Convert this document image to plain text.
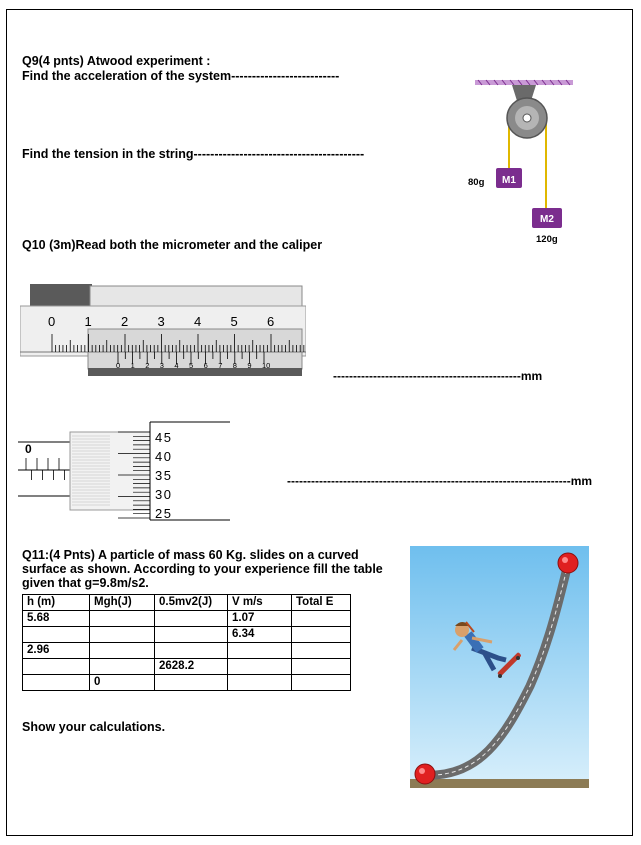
Q9(4 pnts) Atwood experiment :
Find the acceleration of the system--------------------------
Find the tension in the string-----------------------------------------
M1
80g
M2
120g
Q10 (3m)Read both the micrometer and the caliper
0 1 2 3 4 5 6
0 1 2 3 4 5 6 7 8 9 10
-----------------------------------------------mm
0
45
40
35
30
25
-----------------------------------------------------------------------mm
Q11:(4 Pnts) A particle of mass 60 Kg. slides on a curved surface as shown. According to your experience fill the table given that g=9.8m/s2.
h (m)	Mgh(J)	0.5mv2(J)	V m/s	Total E
5.68			1.07	
			6.34	
2.96				
		2628.2		
	0			
Show your calculations.
